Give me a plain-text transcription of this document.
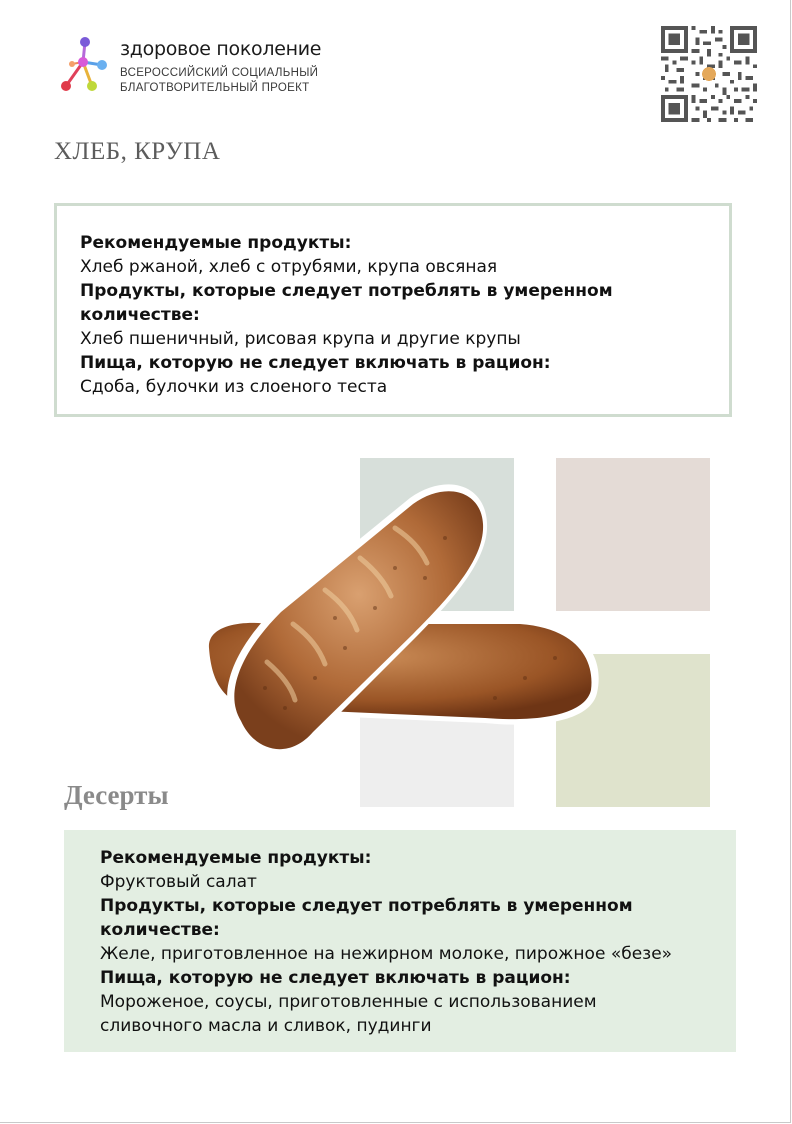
здоровое поколение
ВСЕРОССИЙСКИЙ СОЦИАЛЬНЫЙ
БЛАГОТВОРИТЕЛЬНЫЙ ПРОЕКТ
ХЛЕБ, КРУПА
Рекомендуемые продукты:
Хлеб ржаной, хлеб с отрубями, крупа овсяная
Продукты, которые следует потреблять в умеренном
количестве:
Хлеб пшеничный, рисовая крупа и другие крупы
Пища, которую не следует включать в рацион:
Сдоба, булочки из слоеного теста
Десерты
Рекомендуемые продукты:
Фруктовый салат
Продукты, которые следует потреблять в умеренном
количестве:
Желе, приготовленное на нежирном молоке, пирожное «безе»
Пища, которую не следует включать в рацион:
Мороженое, соусы, приготовленные с использованием
сливочного масла и сливок, пудинги
